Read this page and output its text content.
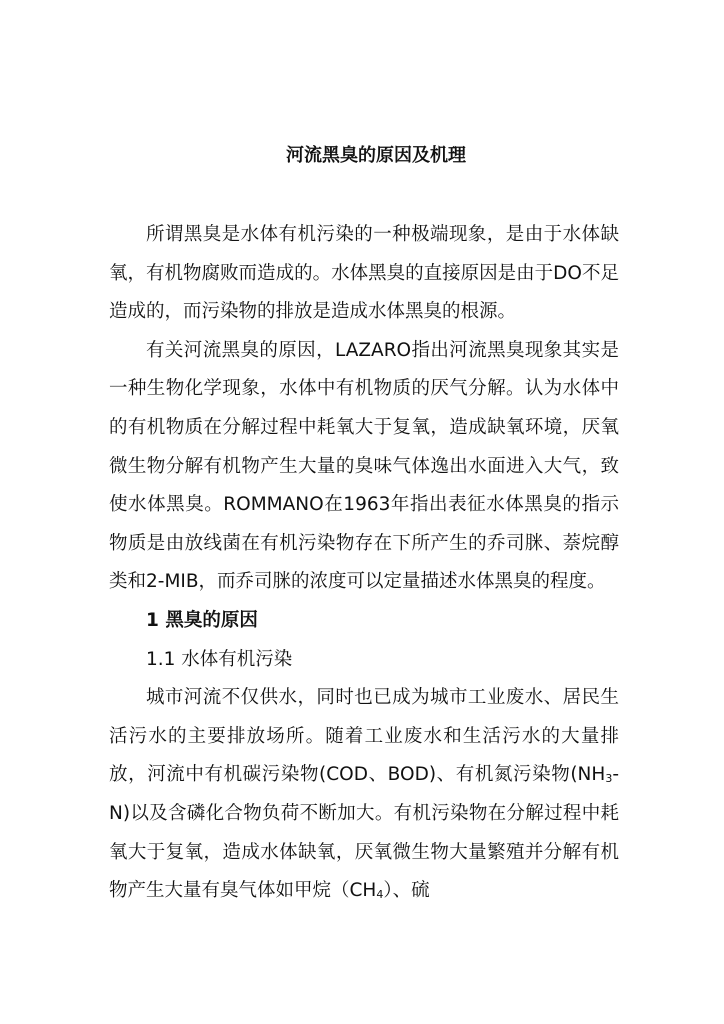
河流黑臭的原因及机理

所谓黑臭是水体有机污染的一种极端现象，是由于水体缺氧，有机物腐败而造成的。水体黑臭的直接原因是由于DO不足造成的，而污染物的排放是造成水体黑臭的根源。

有关河流黑臭的原因，LAZARO指出河流黑臭现象其实是一种生物化学现象，水体中有机物质的厌气分解。认为水体中的有机物质在分解过程中耗氧大于复氧，造成缺氧环境，厌氧微生物分解有机物产生大量的臭味气体逸出水面进入大气，致使水体黑臭。ROMMANO在1963年指出表征水体黑臭的指示物质是由放线菌在有机污染物存在下所产生的乔司脒、萘烷醇类和2-MIB，而乔司脒的浓度可以定量描述水体黑臭的程度。

1 黑臭的原因

1.1 水体有机污染

城市河流不仅供水，同时也已成为城市工业废水、居民生活污水的主要排放场所。随着工业废水和生活污水的大量排放，河流中有机碳污染物(COD、BOD)、有机氮污染物$(NH_3-N)$以及含磷化合物负荷不断加大。有机污染物在分解过程中耗氧大于复氧，造成水体缺氧，厌氧微生物大量繁殖并分解有机物产生大量有臭气体如甲烷$(CH_4)$、硫
